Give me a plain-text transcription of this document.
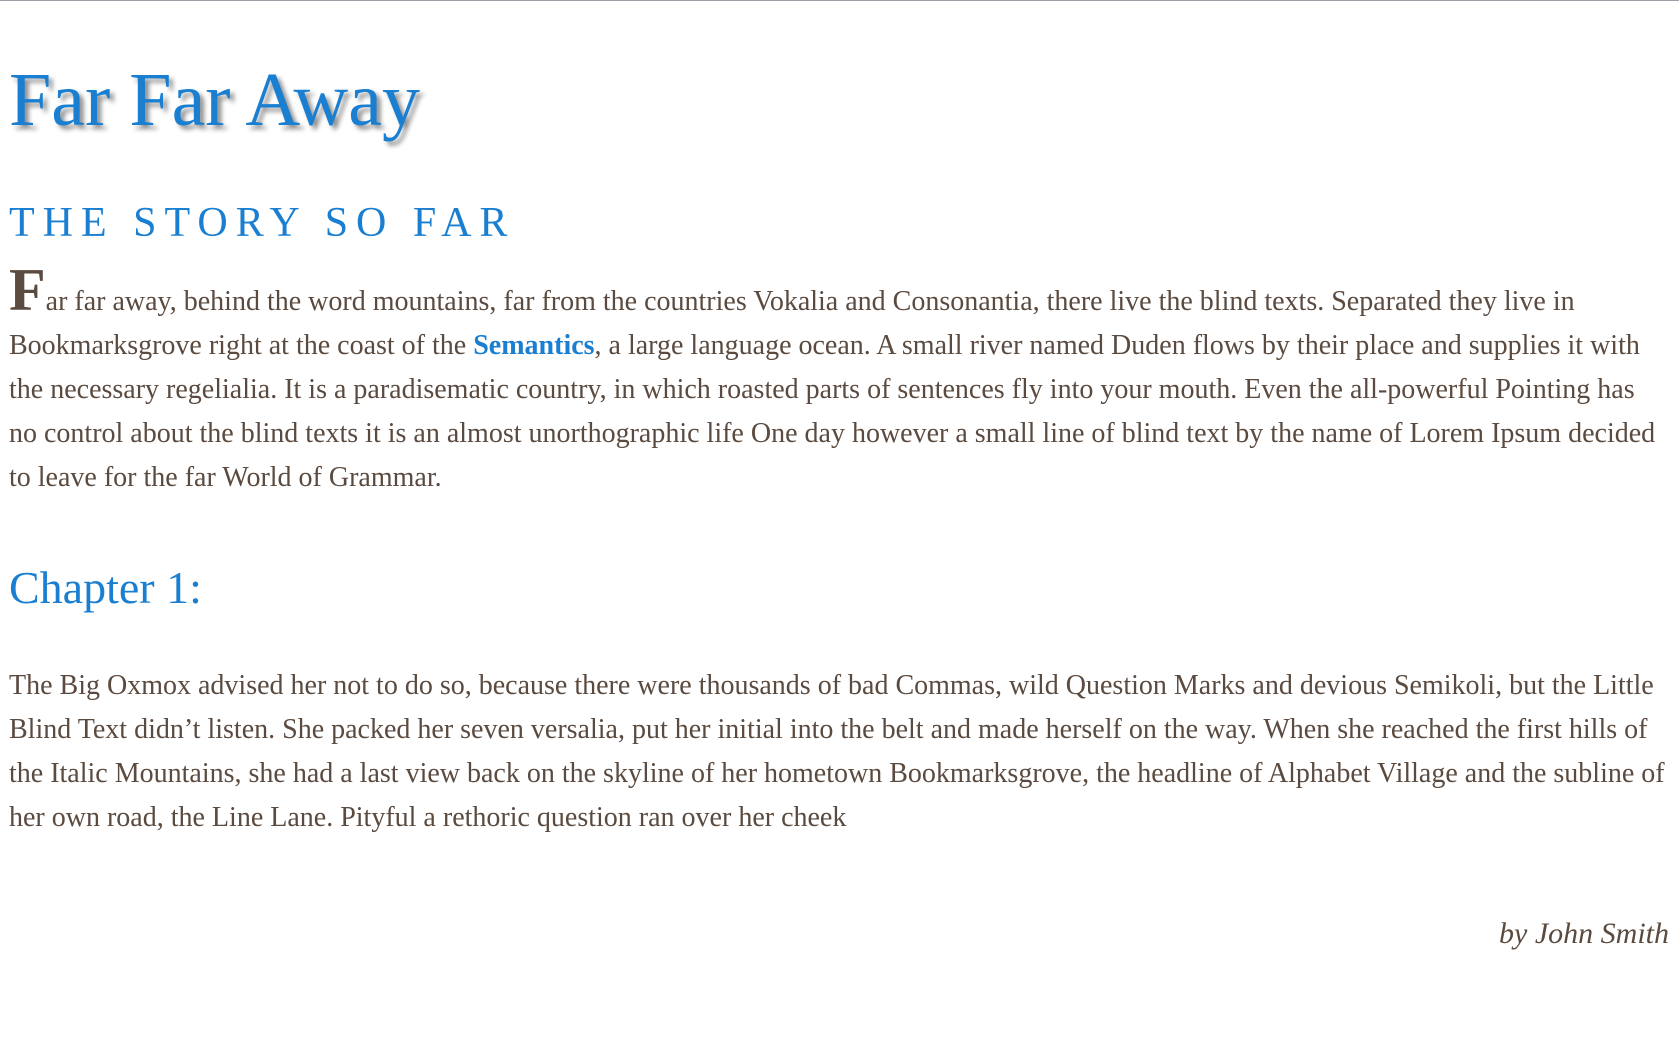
Far Far Away
THE STORY SO FAR

Far far away, behind the word mountains, far from the countries Vokalia and Consonantia, there live the blind texts. Separated they live in Bookmarksgrove right at the coast of the Semantics, a large language ocean. A small river named Duden flows by their place and supplies it with the necessary regelialia. It is a paradisematic country, in which roasted parts of sentences fly into your mouth. Even the all-powerful Pointing has no control about the blind texts it is an almost unorthographic life One day however a small line of blind text by the name of Lorem Ipsum decided to leave for the far World of Grammar.

Chapter 1:

The Big Oxmox advised her not to do so, because there were thousands of bad Commas, wild Question Marks and devious Semikoli, but the Little Blind Text didn’t listen. She packed her seven versalia, put her initial into the belt and made herself on the way. When she reached the first hills of the Italic Mountains, she had a last view back on the skyline of her hometown Bookmarksgrove, the headline of Alphabet Village and the subline of her own road, the Line Lane. Pityful a rethoric question ran over her cheek

by John Smith
